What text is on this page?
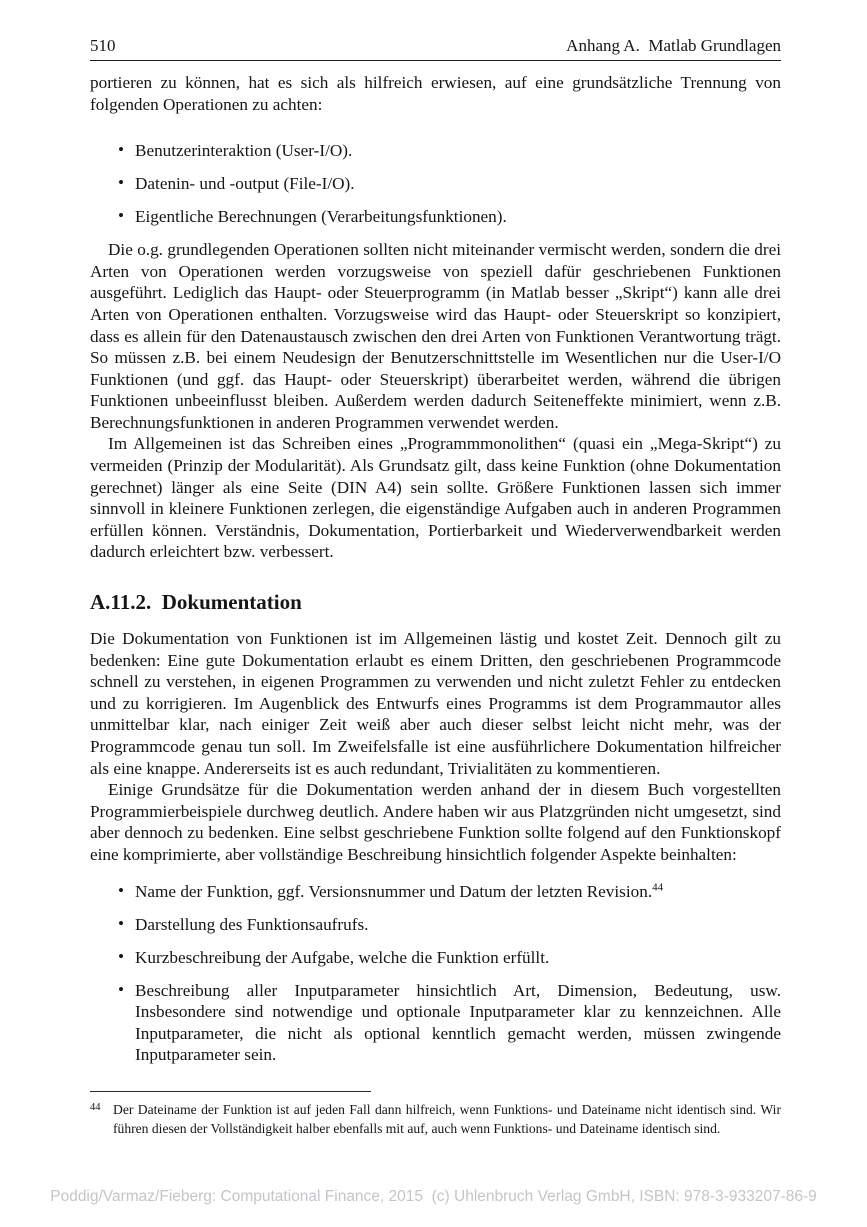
510	Anhang A.  Matlab Grundlagen

portieren zu können, hat es sich als hilfreich erwiesen, auf eine grundsätzliche Trennung von folgenden Operationen zu achten:

• Benutzerinteraktion (User-I/O).
• Datenin- und -output (File-I/O).
• Eigentliche Berechnungen (Verarbeitungsfunktionen).

Die o.g. grundlegenden Operationen sollten nicht miteinander vermischt werden, sondern die drei Arten von Operationen werden vorzugsweise von speziell dafür geschriebenen Funktionen ausgeführt. Lediglich das Haupt- oder Steuerprogramm (in Matlab besser „Skript“) kann alle drei Arten von Operationen enthalten. Vorzugsweise wird das Haupt- oder Steuerskript so konzipiert, dass es allein für den Datenaustausch zwischen den drei Arten von Funktionen Verantwortung trägt. So müssen z.B. bei einem Neudesign der Benutzerschnittstelle im Wesentlichen nur die User-I/O Funktionen (und ggf. das Haupt- oder Steuerskript) überarbeitet werden, während die übrigen Funktionen unbeeinflusst bleiben. Außerdem werden dadurch Seiteneffekte minimiert, wenn z.B. Berechnungsfunktionen in anderen Programmen verwendet werden.

Im Allgemeinen ist das Schreiben eines „Programmmonolithen“ (quasi ein „Mega-Skript“) zu vermeiden (Prinzip der Modularität). Als Grundsatz gilt, dass keine Funktion (ohne Dokumentation gerechnet) länger als eine Seite (DIN A4) sein sollte. Größere Funktionen lassen sich immer sinnvoll in kleinere Funktionen zerlegen, die eigenständige Aufgaben auch in anderen Programmen erfüllen können. Verständnis, Dokumentation, Portierbarkeit und Wiederverwendbarkeit werden dadurch erleichtert bzw. verbessert.

A.11.2.  Dokumentation

Die Dokumentation von Funktionen ist im Allgemeinen lästig und kostet Zeit. Dennoch gilt zu bedenken: Eine gute Dokumentation erlaubt es einem Dritten, den geschriebenen Programmcode schnell zu verstehen, in eigenen Programmen zu verwenden und nicht zuletzt Fehler zu entdecken und zu korrigieren. Im Augenblick des Entwurfs eines Programms ist dem Programmautor alles unmittelbar klar, nach einiger Zeit weiß aber auch dieser selbst leicht nicht mehr, was der Programmcode genau tun soll. Im Zweifelsfalle ist eine ausführlichere Dokumentation hilfreicher als eine knappe. Andererseits ist es auch redundant, Trivialitäten zu kommentieren.

Einige Grundsätze für die Dokumentation werden anhand der in diesem Buch vorgestellten Programmierbeispiele durchweg deutlich. Andere haben wir aus Platzgründen nicht umgesetzt, sind aber dennoch zu bedenken. Eine selbst geschriebene Funktion sollte folgend auf den Funktionskopf eine komprimierte, aber vollständige Beschreibung hinsichtlich folgender Aspekte beinhalten:

• Name der Funktion, ggf. Versionsnummer und Datum der letzten Revision.$^{44}$
• Darstellung des Funktionsaufrufs.
• Kurzbeschreibung der Aufgabe, welche die Funktion erfüllt.
• Beschreibung aller Inputparameter hinsichtlich Art, Dimension, Bedeutung, usw. Insbesondere sind notwendige und optionale Inputparameter klar zu kennzeichnen. Alle Inputparameter, die nicht als optional kenntlich gemacht werden, müssen zwingende Inputparameter sein.
44 Der Dateiname der Funktion ist auf jeden Fall dann hilfreich, wenn Funktions- und Dateiname nicht identisch sind. Wir führen diesen der Vollständigkeit halber ebenfalls mit auf, auch wenn Funktions- und Dateiname identisch sind.
Poddig/Varmaz/Fieberg: Computational Finance, 2015  (c) Uhlenbruch Verlag GmbH, ISBN: 978-3-933207-86-9
